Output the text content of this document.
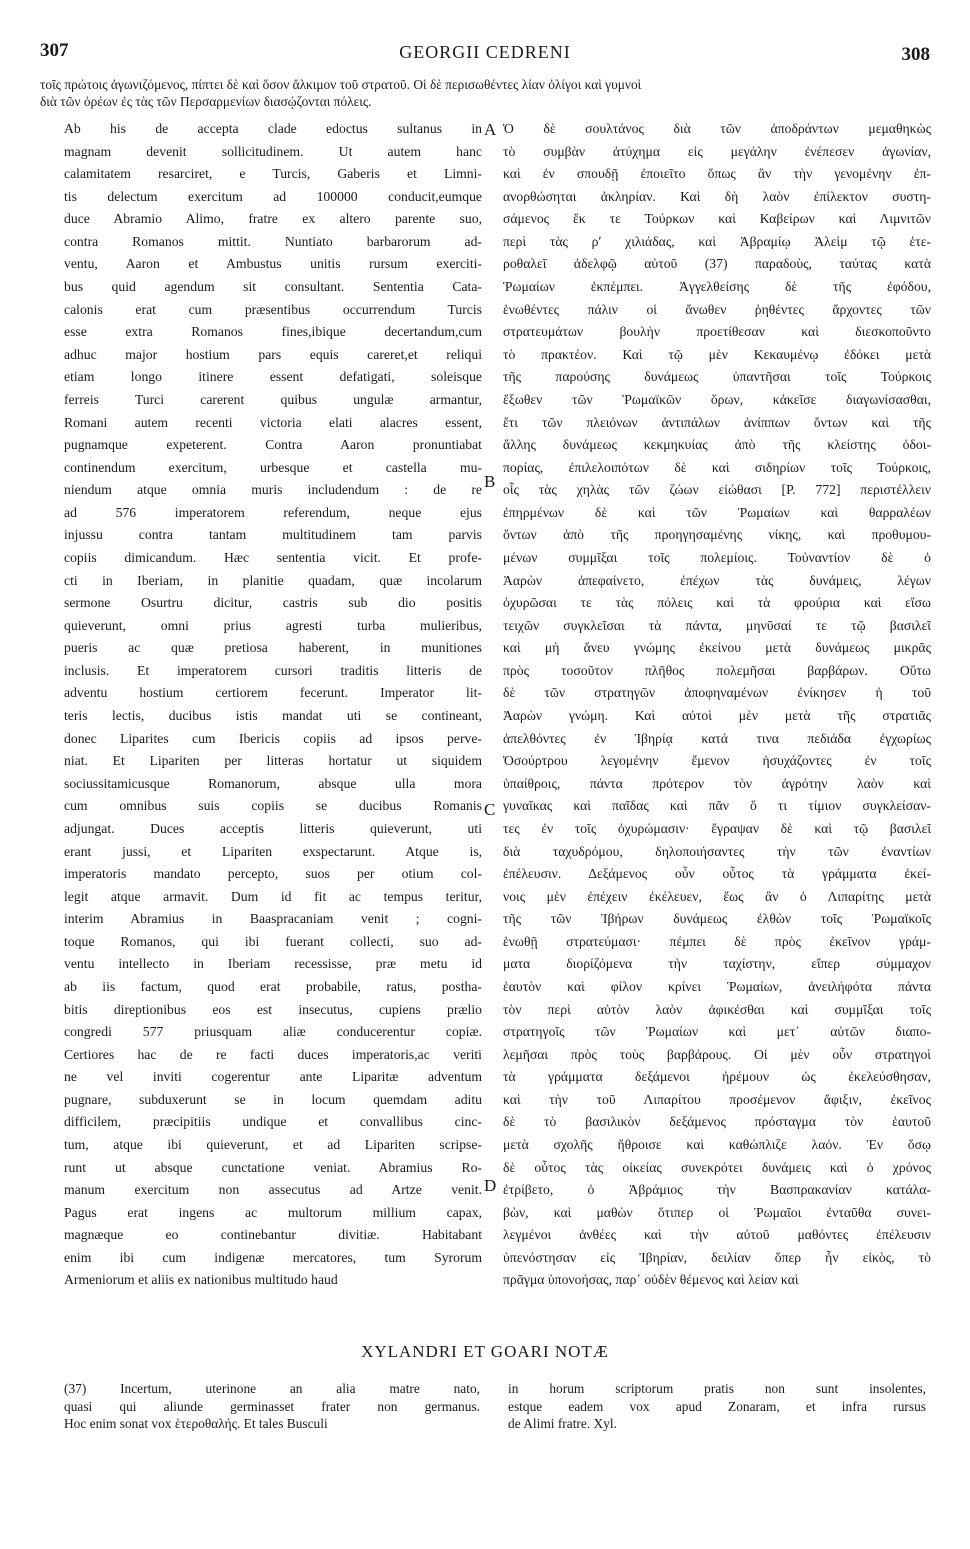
307	GEORGII CEDRENI	308
τοῖς πρώτοις ἀγωνιζόμενος, πίπτει δὲ καὶ ὅσον ἄλκιμον τοῦ στρατοῦ. Οἱ δὲ περισωθέντες λίαν ὀλίγοι καὶ γυμνοὶ
διὰ τῶν ὀρέων ἐς τὰς τῶν Περσαρμενίων διασῴζονται πόλεις.
A
B
C
D
Ab his de accepta clade edoctus sultanus in
magnam devenit sollicitudinem. Ut autem hanc
calamitatem resarciret, e Turcis, Gaberis et Limni-
tis delectum exercitum ad 100000 conducit,eumque
duce Abramio Alimo, fratre ex altero parente suo,
contra Romanos mittit. Nuntiato barbarorum ad-
ventu, Aaron et Ambustus unitis rursum exerciti-
bus quid agendum sit consultant. Sententia Cata-
calonis erat cum præsentibus occurrendum Turcis
esse extra Romanos fines,ibique decertandum,cum
adhuc major hostium pars equis careret,et reliqui
etiam longo itinere essent defatigati, soleisque
ferreis Turci carerent quibus ungulæ armantur,
Romani autem recenti victoria elati alacres essent,
pugnamque expeterent. Contra Aaron pronuntiabat
continendum exercitum, urbesque et castella mu-
niendum atque omnia muris includendum : de re
ad 576 imperatorem referendum, neque ejus
injussu contra tantam multitudinem tam parvis
copiis dimicandum. Hæc sententia vicit. Et profe-
cti in Iberiam, in planitie quadam, quæ incolarum
sermone Osurtru dicitur, castris sub dio positis
quieverunt, omni prius agresti turba mulieribus,
pueris ac quæ pretiosa haberent, in munitiones
inclusis. Et imperatorem cursori traditis litteris de
adventu hostium certiorem fecerunt. Imperator lit-
teris lectis, ducibus istis mandat uti se contineant,
donec Liparites cum Ibericis copiis ad ipsos perve-
niat. Et Lipariten per litteras hortatur ut siquidem
sociussitamicusque Romanorum, absque ulla mora
cum omnibus suis copiis se ducibus Romanis
adjungat. Duces acceptis litteris quieverunt, uti
erant jussi, et Lipariten exspectarunt. Atque is,
imperatoris mandato percepto, suos per otium col-
legit atque armavit. Dum id fit ac tempus teritur,
interim Abramius in Baaspracaniam venit ; cogni-
toque Romanos, qui ibi fuerant collecti, suo ad-
ventu intellecto in Iberiam recessisse, præ metu id
ab iis factum, quod erat probabile, ratus, postha-
bitis direptionibus eos est insecutus, cupiens prælio
congredi 577 priusquam aliæ conducerentur copiæ.
Certiores hac de re facti duces imperatoris,ac veriti
ne vel inviti cogerentur ante Liparitæ adventum
pugnare, subduxerunt se in locum quemdam aditu
difficilem, præcipitiis undique et convallibus cinc-
tum, atque ibi quieverunt, et ad Lipariten scripse-
runt ut absque cunctatione veniat. Abramius Ro-
manum exercitum non assecutus ad Artze venit.
Pagus erat ingens ac multorum millium capax,
magnæque eo continebantur divitiæ. Habitabant
enim ibi cum indigenæ mercatores, tum Syrorum
Armeniorum et aliis ex nationibus multitudo haud
Ὁ δὲ σουλτάνος διὰ τῶν ἀποδράντων μεμαθηκὼς
τὸ συμβὰν ἀτύχημα εἰς μεγάλην ἐνέπεσεν ἀγωνίαν,
καὶ ἐν σπουδῇ ἐποιεῖτο ὅπως ἂν τὴν γενομένην ἐπ-
ανορθώσηται ἀκληρίαν. Καὶ δὴ λαὸν ἐπίλεκτον συστη-
σάμενος ἔκ τε Τούρκων καὶ Καβείρων καὶ Λιμνιτῶν
περὶ τὰς ρʹ χιλιάδας, καὶ Ἀβραμίῳ Ἀλεὶμ τῷ ἑτε-
ροθαλεῖ ἀδελφῷ αὐτοῦ (37) παραδοὺς, ταύτας κατὰ
Ῥωμαίων ἐκπέμπει. Ἀγγελθείσης δὲ τῆς ἐφόδου,
ἑνωθέντες πάλιν οἱ ἄνωθεν ῥηθέντες ἄρχοντες τῶν
στρατευμάτων βουλὴν προετίθεσαν καὶ διεσκοποῦντο
τὸ πρακτέον. Καὶ τῷ μὲν Κεκαυμένῳ ἐδόκει μετὰ
τῆς παρούσης δυνάμεως ὑπαντῆσαι τοῖς Τούρκοις
ἔξωθεν τῶν Ῥωμαϊκῶν ὅρων, κἀκεῖσε διαγωνίσασθαι,
ἔτι τῶν πλειόνων ἀντιπάλων ἀνίππων ὄντων καὶ τῆς
ἄλλης δυνάμεως κεκμηκυίας ἀπὸ τῆς κλείστης ὁδοι-
πορίας, ἐπιλελοιπότων δὲ καὶ σιδηρίων τοῖς Τούρκοις,
οἷς τὰς χηλὰς τῶν ζώων εἰώθασι [P. 772] περιστέλλειν
ἐπηρμένων δὲ καὶ τῶν Ῥωμαίων καὶ θαρραλέων
ὄντων ἀπὸ τῆς προηγησαμένης νίκης, καὶ προθυμου-
μένων συμμῖξαι τοῖς πολεμίοις. Τοὐναντίον δὲ ὁ
Ἀαρὼν ἀπεφαίνετο, ἐπέχων τὰς δυνάμεις, λέγων
ὀχυρῶσαι τε τὰς πόλεις καὶ τὰ φρούρια καὶ εἴσω
τειχῶν συγκλεῖσαι τὰ πάντα, μηνῦσαί τε τῷ βασιλεῖ
καὶ μὴ ἄνευ γνώμης ἐκείνου μετὰ δυνάμεως μικρᾶς
πρὸς τοσοῦτον πλῆθος πολεμῆσαι βαρβάρων. Οὕτω
δὲ τῶν στρατηγῶν ἀποφηναμένων ἐνίκησεν ἡ τοῦ
Ἀαρὼν γνώμη. Καὶ αὐτοὶ μὲν μετὰ τῆς στρατιᾶς
ἀπελθόντες ἐν Ἰβηρίᾳ κατά τινα πεδιάδα ἐγχωρίως
Ὀσούρτρου λεγομένην ἔμενον ἡσυχάζοντες ἐν τοῖς
ὑπαίθροις, πάντα πρότερον τὸν ἀγρότην λαὸν καὶ
γυναῖκας καὶ παῖδας καὶ πᾶν ὅ τι τίμιον συγκλείσαν-
τες ἐν τοῖς ὀχυρώμασιν· ἔγραψαν δὲ καὶ τῷ βασιλεῖ
διὰ ταχυδρόμου, δηλοποιήσαντες τὴν τῶν ἐναντίων
ἐπέλευσιν. Δεξάμενος οὖν οὗτος τὰ γράμματα ἐκεί-
νοις μὲν ἐπέχειν ἐκέλευεν, ἕως ἂν ὁ Λιπαρίτης μετὰ
τῆς τῶν Ἰβήρων δυνάμεως ἐλθὼν τοῖς Ῥωμαϊκοῖς
ἑνωθῇ στρατεύμασι· πέμπει δὲ πρὸς ἐκεῖνον γράμ-
ματα διορίζόμενα τὴν ταχίστην, εἴπερ σύμμαχον
ἑαυτὸν καὶ φίλον κρίνει Ῥωμαίων, ἀνειλήφότα πάντα
τὸν περὶ αὐτὸν λαὸν ἀφικέσθαι καὶ συμμῖξαι τοῖς
στρατηγοῖς τῶν Ῥωμαίων καὶ μετ᾽ αὐτῶν διαπο-
λεμῆσαι πρὸς τοὺς βαρβάρους. Οἱ μὲν οὖν στρατηγοὶ
τὰ γράμματα δεξάμενοι ἠρέμουν ὡς ἐκελεύσθησαν,
καὶ τὴν τοῦ Λιπαρίτου προσέμενον ἄφιξιν, ἐκεῖνος
δὲ τὸ βασιλικὸν δεξάμενος πρόσταγμα τὸν ἑαυτοῦ
μετὰ σχολῆς ἤθροισε καὶ καθώπλιζε λαόν. Ἐν ὅσῳ
δὲ οὗτος τὰς οἰκείας συνεκρότει δυνάμεις καὶ ὁ χρόνος
ἐτρίβετο, ὁ Ἀβράμιος τὴν Βασπρακανίαν κατάλα-
βὼν, καὶ μαθὼν ὅτιπερ οἱ Ῥωμαῖοι ἐνταῦθα συνει-
λεγμένοι ἀνθέες καὶ τὴν αὐτοῦ μαθόντες ἐπέλευσιν
ὑπενόστησαν εἰς Ἰβηρίαν, δειλίαν ὅπερ ἦν εἰκὸς, τὸ
πρᾶγμα ὑπονοήσας, παρ᾽ οὐδὲν θέμενος καὶ λείαν καὶ
XYLANDRI ET GOARI NOTÆ
(37) Incertum, uterinone an alia matre nato,
quasi qui aliunde germinasset frater non germanus.
Hoc enim sonat vox ἑτεροθαλής. Et tales Busculi
in horum scriptorum pratis non sunt insolentes,
estque eadem vox apud Zonaram, et infra rursus
de Alimi fratre. Xyl.
